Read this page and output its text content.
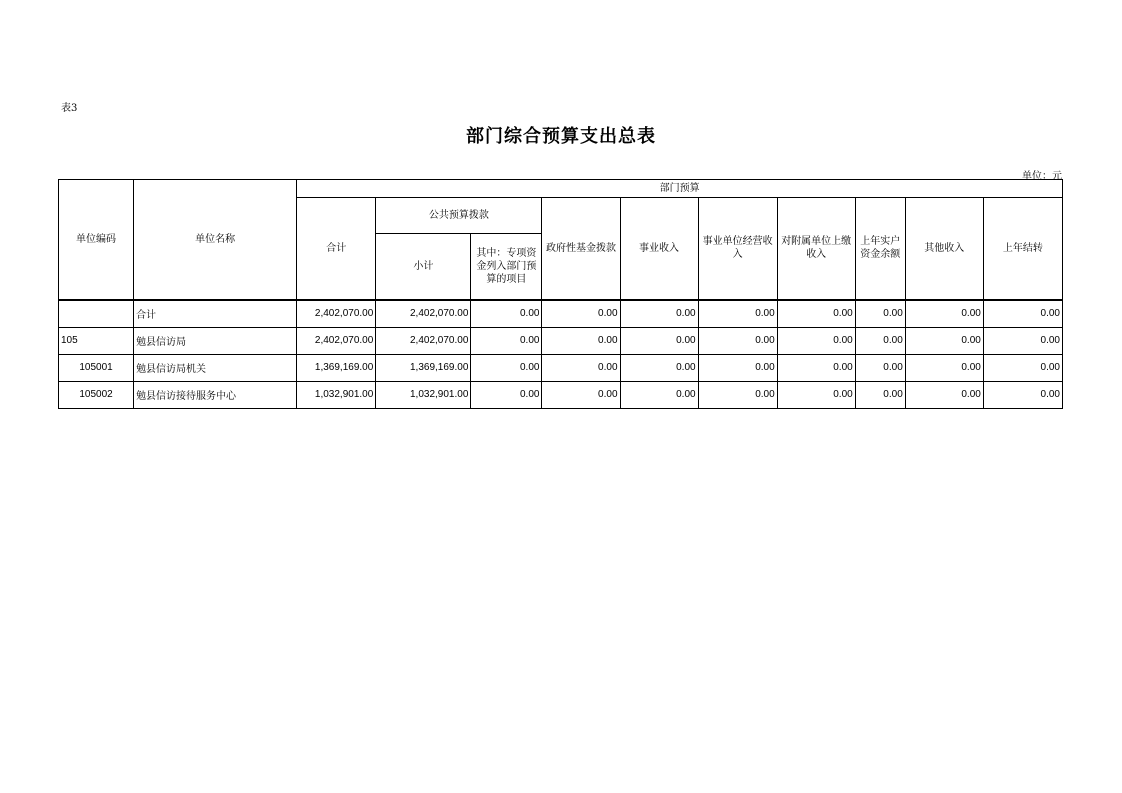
表3
部门综合预算支出总表
单位：元
单位编码	单位名称	部门预算									
		合计	公共预算拨款		政府性基金拨款	事业收入	事业单位经营收入	对附属单位上缴收入	上年实户资金余额	其他收入	上年结转
			小计	其中：专项资金列入部门预算的项目							
	合计	2,402,070.00	2,402,070.00	0.00	0.00	0.00	0.00	0.00	0.00	0.00	0.00
105	勉县信访局	2,402,070.00	2,402,070.00	0.00	0.00	0.00	0.00	0.00	0.00	0.00	0.00
105001	勉县信访局机关	1,369,169.00	1,369,169.00	0.00	0.00	0.00	0.00	0.00	0.00	0.00	0.00
105002	勉县信访接待服务中心	1,032,901.00	1,032,901.00	0.00	0.00	0.00	0.00	0.00	0.00	0.00	0.00
